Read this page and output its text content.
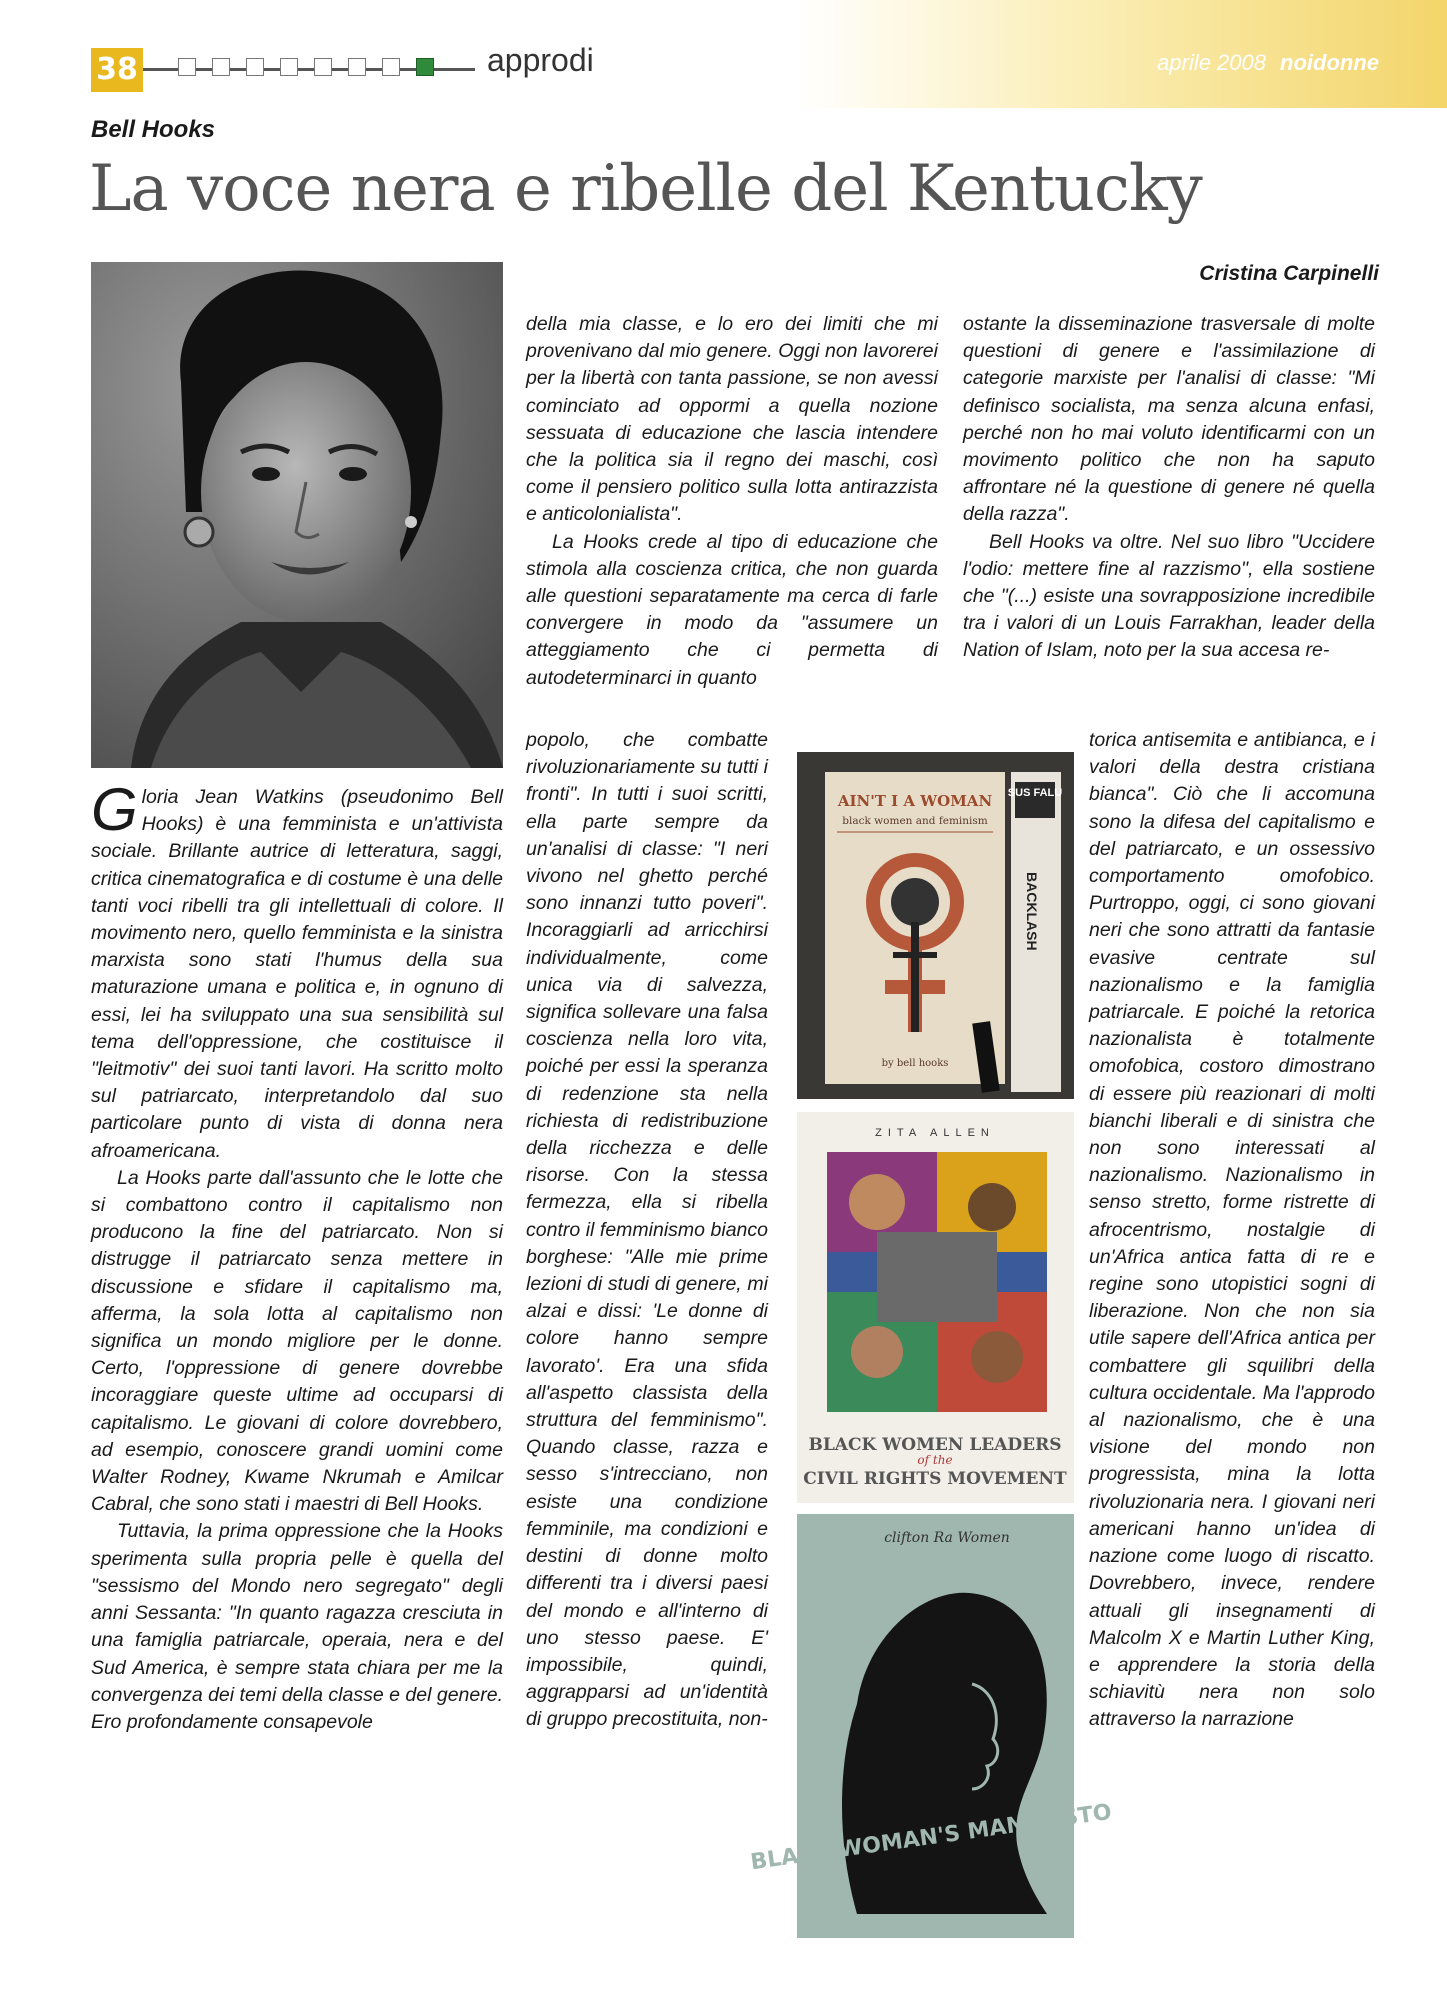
38	approdi	aprile 2008 noidonne
Bell Hooks
La voce nera e ribelle del Kentucky
Cristina Carpinelli

Gloria Jean Watkins (pseudonimo Bell Hooks) è una femminista e un'attivista sociale. Brillante autrice di letteratura, saggi, critica cinematografica e di costume è una delle tanti voci ribelli tra gli intellettuali di colore. Il movimento nero, quello femminista e la sinistra marxista sono stati l'humus della sua maturazione umana e politica e, in ognuno di essi, lei ha sviluppato una sua sensibilità sul tema dell'oppressione, che costituisce il "leitmotiv" dei suoi tanti lavori. Ha scritto molto sul patriarcato, interpretandolo dal suo particolare punto di vista di donna nera afroamericana.

La Hooks parte dall'assunto che le lotte che si combattono contro il capitalismo non producono la fine del patriarcato. Non si distrugge il patriarcato senza mettere in discussione e sfidare il capitalismo ma, afferma, la sola lotta al capitalismo non significa un mondo migliore per le donne. Certo, l'oppressione di genere dovrebbe incoraggiare queste ultime ad occuparsi di capitalismo. Le giovani di colore dovrebbero, ad esempio, conoscere grandi uomini come Walter Rodney, Kwame Nkrumah e Amilcar Cabral, che sono stati i maestri di Bell Hooks.

Tuttavia, la prima oppressione che la Hooks sperimenta sulla propria pelle è quella del "sessismo del Mondo nero segregato" degli anni Sessanta: "In quanto ragazza cresciuta in una famiglia patriarcale, operaia, nera e del Sud America, è sempre stata chiara per me la convergenza dei temi della classe e del genere. Ero profondamente consapevole

della mia classe, e lo ero dei limiti che mi provenivano dal mio genere. Oggi non lavorerei per la libertà con tanta passione, se non avessi cominciato ad oppormi a quella nozione sessuata di educazione che lascia intendere che la politica sia il regno dei maschi, così come il pensiero politico sulla lotta antirazzista e anticolonialista".

La Hooks crede al tipo di educazione che stimola alla coscienza critica, che non guarda alle questioni separatamente ma cerca di farle convergere in modo da "assumere un atteggiamento che ci permetta di autodeterminarci in quanto

popolo, che combatte rivoluzionariamente su tutti i fronti". In tutti i suoi scritti, ella parte sempre da un'analisi di classe: "I neri vivono nel ghetto perché sono innanzi tutto poveri". Incoraggiarli ad arricchirsi individualmente, come unica via di salvezza, significa sollevare una falsa coscienza nella loro vita, poiché per essi la speranza di redenzione sta nella richiesta di redistribuzione della ricchezza e delle risorse. Con la stessa fermezza, ella si ribella contro il femminismo bianco borghese: "Alle mie prime lezioni di studi di genere, mi alzai e dissi: 'Le donne di colore hanno sempre lavorato'. Era una sfida all'aspetto classista della struttura del femminismo". Quando classe, razza e sesso s'intrecciano, non esiste una condizione femminile, ma condizioni e destini di donne molto differenti tra i diversi paesi del mondo e all'interno di uno stesso paese. E' impossibile, quindi, aggrapparsi ad un'identità di gruppo precostituita, non-

ostante la disseminazione trasversale di molte questioni di genere e l'assimilazione di categorie marxiste per l'analisi di classe: "Mi definisco socialista, ma senza alcuna enfasi, perché non ho mai voluto identificarmi con un movimento politico che non ha saputo affrontare né la questione di genere né quella della razza".

Bell Hooks va oltre. Nel suo libro "Uccidere l'odio: mettere fine al razzismo", ella sostiene che "(...) esiste una sovrapposizione incredibile tra i valori di un Louis Farrakhan, leader della Nation of Islam, noto per la sua accesa re-

torica antisemita e antibianca, e i valori della destra cristiana bianca". Ciò che li accomuna sono la difesa del capitalismo e del patriarcato, e un ossessivo comportamento omofobico. Purtroppo, oggi, ci sono giovani neri che sono attratti da fantasie evasive centrate sul nazionalismo e la famiglia patriarcale. E poiché la retorica nazionalista è totalmente omofobica, costoro dimostrano di essere più reazionari di molti bianchi liberali e di sinistra che non sono interessati al nazionalismo. Nazionalismo in senso stretto, forme ristrette di afrocentrismo, nostalgie di un'Africa antica fatta di re e regine sono utopistici sogni di liberazione. Non che non sia utile sapere dell'Africa antica per combattere gli squilibri della cultura occidentale. Ma l'approdo al nazionalismo, che è una visione del mondo non progressista, mina la lotta rivoluzionaria nera. I giovani neri americani hanno un'idea di nazione come luogo di riscatto. Dovrebbero, invece, rendere attuali gli insegnamenti di Malcolm X e Martin Luther King, e apprendere la storia della schiavitù nera non solo attraverso la narrazione

SUS FALU
BACKLASH
AIN'T I A WOMAN
black women and feminism
by bell hooks
ZITA ALLEN
BLACK WOMEN LEADERS
of the
CIVIL RIGHTS MOVEMENT
clifton Ra Women
BLACK WOMAN'S MANIFESTO
